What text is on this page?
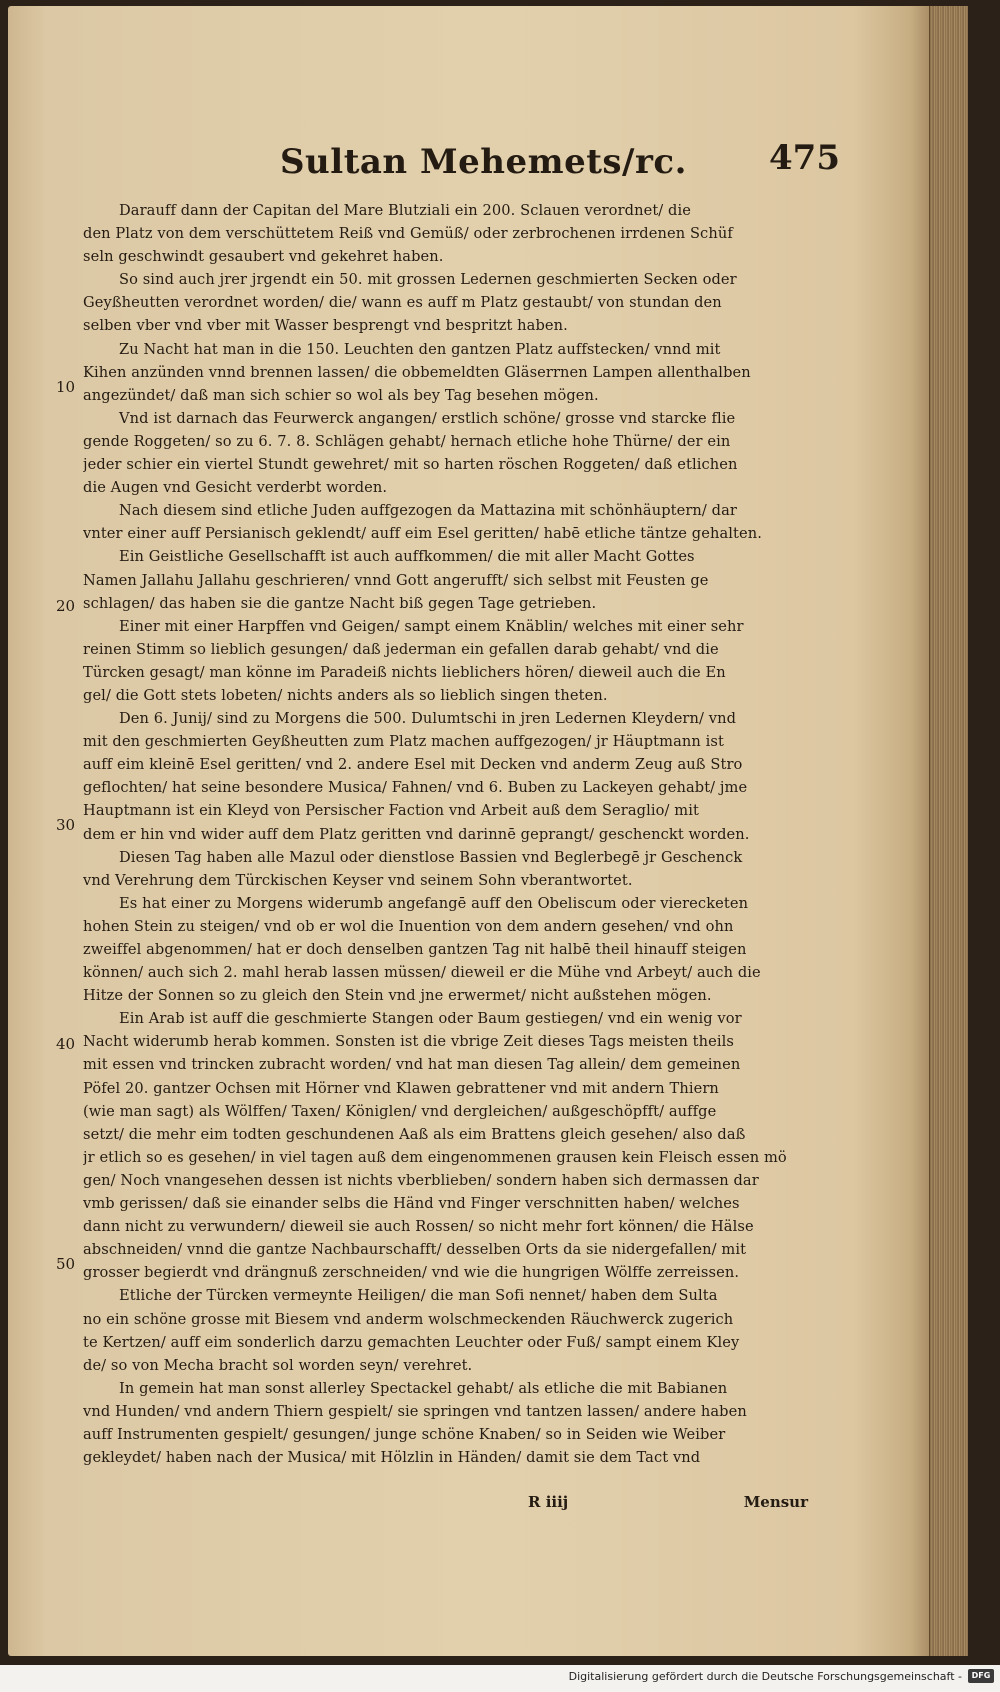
Sultan Mehemets/rc. 475
10
20
30
40
50
Darauff dann der Capitan del Mare Blutziali ein 200. Sclauen verordnet/ die
den Platz von dem verschüttetem Reiß vnd Gemüß/ oder zerbrochenen irrdenen Schüf
seln geschwindt gesaubert vnd gekehret haben.
So sind auch jrer jrgendt ein 50. mit grossen Ledernen geschmierten Secken oder
Geyßheutten verordnet worden/ die/ wann es auff m Platz gestaubt/ von stundan den
selben vber vnd vber mit Wasser besprengt vnd bespritzt haben.
Zu Nacht hat man in die 150. Leuchten den gantzen Platz auffstecken/ vnnd mit
Kihen anzünden vnnd brennen lassen/ die obbemeldten Gläserrnen Lampen allenthalben
angezündet/ daß man sich schier so wol als bey Tag besehen mögen.
Vnd ist darnach das Feurwerck angangen/ erstlich schöne/ grosse vnd starcke flie
gende Roggeten/ so zu 6. 7. 8. Schlägen gehabt/ hernach etliche hohe Thürne/ der ein
jeder schier ein viertel Stundt gewehret/ mit so harten röschen Roggeten/ daß etlichen
die Augen vnd Gesicht verderbt worden.
Nach diesem sind etliche Juden auffgezogen da Mattazina mit schönhäuptern/ dar
vnter einer auff Persianisch geklendt/ auff eim Esel geritten/ habē etliche täntze gehalten.
Ein Geistliche Gesellschafft ist auch auffkommen/ die mit aller Macht Gottes
Namen Jallahu Jallahu geschrieren/ vnnd Gott angerufft/ sich selbst mit Feusten ge
schlagen/ das haben sie die gantze Nacht biß gegen Tage getrieben.
Einer mit einer Harpffen vnd Geigen/ sampt einem Knäblin/ welches mit einer sehr
reinen Stimm so lieblich gesungen/ daß jederman ein gefallen darab gehabt/ vnd die
Türcken gesagt/ man könne im Paradeiß nichts lieblichers hören/ dieweil auch die En
gel/ die Gott stets lobeten/ nichts anders als so lieblich singen theten.
Den 6. Junij/ sind zu Morgens die 500. Dulumtschi in jren Ledernen Kleydern/ vnd
mit den geschmierten Geyßheutten zum Platz machen auffgezogen/ jr Häuptmann ist
auff eim kleinē Esel geritten/ vnd 2. andere Esel mit Decken vnd anderm Zeug auß Stro
geflochten/ hat seine besondere Musica/ Fahnen/ vnd 6. Buben zu Lackeyen gehabt/ jme
Hauptmann ist ein Kleyd von Persischer Faction vnd Arbeit auß dem Seraglio/ mit
dem er hin vnd wider auff dem Platz geritten vnd darinnē geprangt/ geschenckt worden.
Diesen Tag haben alle Mazul oder dienstlose Bassien vnd Beglerbegē jr Geschenck
vnd Verehrung dem Türckischen Keyser vnd seinem Sohn vberantwortet.
Es hat einer zu Morgens widerumb angefangē auff den Obeliscum oder vierecketen
hohen Stein zu steigen/ vnd ob er wol die Inuention von dem andern gesehen/ vnd ohn
zweiffel abgenommen/ hat er doch denselben gantzen Tag nit halbē theil hinauff steigen
können/ auch sich 2. mahl herab lassen müssen/ dieweil er die Mühe vnd Arbeyt/ auch die
Hitze der Sonnen so zu gleich den Stein vnd jne erwermet/ nicht außstehen mögen.
Ein Arab ist auff die geschmierte Stangen oder Baum gestiegen/ vnd ein wenig vor
Nacht widerumb herab kommen. Sonsten ist die vbrige Zeit dieses Tags meisten theils
mit essen vnd trincken zubracht worden/ vnd hat man diesen Tag allein/ dem gemeinen
Pöfel 20. gantzer Ochsen mit Hörner vnd Klawen gebrattener vnd mit andern Thiern
(wie man sagt) als Wölffen/ Taxen/ Königlen/ vnd dergleichen/ außgeschöpfft/ auffge
setzt/ die mehr eim todten geschundenen Aaß als eim Brattens gleich gesehen/ also daß
jr etlich so es gesehen/ in viel tagen auß dem eingenommenen grausen kein Fleisch essen mö
gen/ Noch vnangesehen dessen ist nichts vberblieben/ sondern haben sich dermassen dar
vmb gerissen/ daß sie einander selbs die Händ vnd Finger verschnitten haben/ welches
dann nicht zu verwundern/ dieweil sie auch Rossen/ so nicht mehr fort können/ die Hälse
abschneiden/ vnnd die gantze Nachbaurschafft/ desselben Orts da sie nidergefallen/ mit
grosser begierdt vnd drängnuß zerschneiden/ vnd wie die hungrigen Wölffe zerreissen.
Etliche der Türcken vermeynte Heiligen/ die man Sofi nennet/ haben dem Sulta
no ein schöne grosse mit Biesem vnd anderm wolschmeckenden Räuchwerck zugerich
te Kertzen/ auff eim sonderlich darzu gemachten Leuchter oder Fuß/ sampt einem Kley
de/ so von Mecha bracht sol worden seyn/ verehret.
In gemein hat man sonst allerley Spectackel gehabt/ als etliche die mit Babianen
vnd Hunden/ vnd andern Thiern gespielt/ sie springen vnd tantzen lassen/ andere haben
auff Instrumenten gespielt/ gesungen/ junge schöne Knaben/ so in Seiden wie Weiber
gekleydet/ haben nach der Musica/ mit Hölzlin in Händen/ damit sie dem Tact vnd
R iiij	Mensur
Digitalisierung gefördert durch die Deutsche Forschungsgemeinschaft -	DFG
